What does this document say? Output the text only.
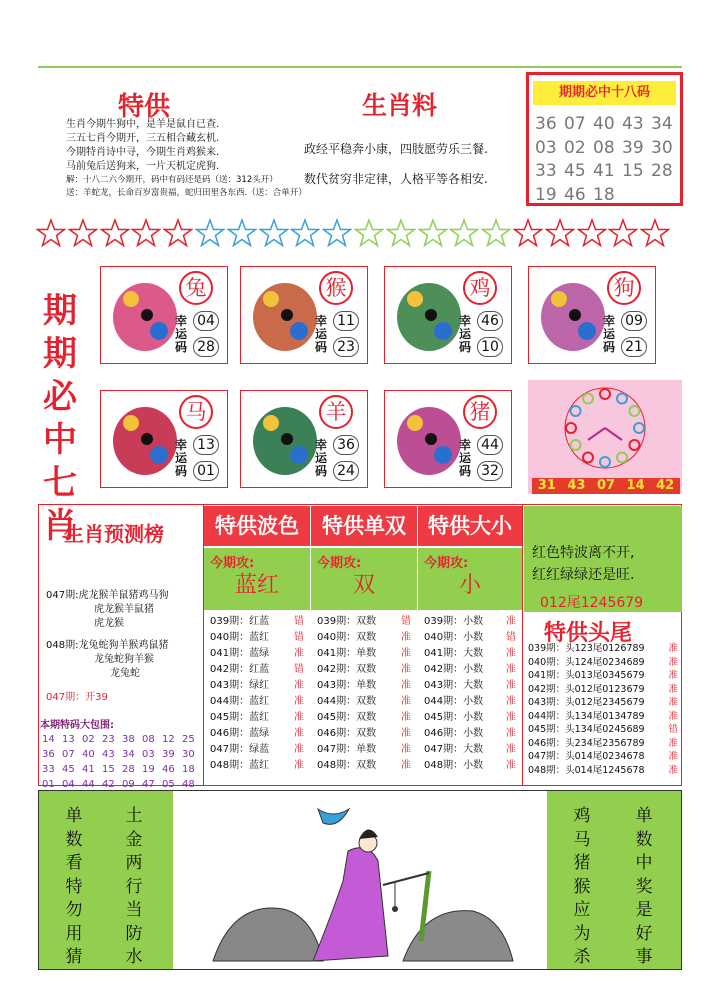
特供
生肖今期牛狗中，是羊是鼠自已查.
三五七肖今期开，三五相合藏玄机.
今期特肖诗中寻，今期生肖鸡猴来.
马前兔后送狗来，一片天机定虎狗.
解：十八二六今期开，码中有码还是码（送：312头开）
送：羊蛇龙，长命百岁富贵福，蛇归田里各东西.（送：合单开）
生肖料
政经平稳奔小康，四肢愿劳乐三餐.
数代贫穷非定律，人格平等各相安.
期期必中十八码
36 07 40 43 34
03 02 08 39 30
33 45 41 15 28
19 46 18
期
期
必
中
七
肖
兔
幸运码
04
28
猴
幸运码
11
23
鸡
幸运码
46
10
狗
幸运码
09
21
马
幸运码
13
01
羊
幸运码
36
24
猪
幸运码
44
32
31 43 07 14 42
生肖预测榜
047期:虎龙猴羊鼠猪鸡马狗
虎龙猴羊鼠猪
虎龙猴
048期:龙兔蛇狗羊猴鸡鼠猪
龙兔蛇狗羊猴
龙兔蛇
047期：开39
本期特码大包围:
14 13 02 23 38 08 12 25
36 07 40 43 34 03 39 30
33 45 41 15 28 19 46 18
01 04 44 42 09 47 05 48
特供波色
今期攻:
蓝红
039期：红蓝 错
040期：蓝红 错
041期：蓝绿 准
042期：红蓝 错
043期：绿红 准
044期：蓝红 准
045期：蓝红 准
046期：蓝绿 准
047期：绿蓝 准
048期：蓝红 准
特供单双
今期攻:
双
039期：双数 错
040期：双数 准
041期：单数 准
042期：双数 准
043期：单数 准
044期：双数 准
045期：双数 准
046期：双数 准
047期：单数 准
048期：双数 准
特供大小
今期攻:
小
039期：小数 准
040期：小数 错
041期：大数 准
042期：小数 准
043期：大数 准
044期：小数 准
045期：小数 准
046期：小数 准
047期：大数 准
048期：小数 准
红色特波离不开,
红红绿绿还是旺.
012尾1245679
特供头尾
039期：头123尾0126789	准
040期：头124尾0234689	准
041期：头013尾0345679	准
042期：头012尾0123679	准
043期：头012尾2345679	准
044期：头134尾0134789	准
045期：头134尾0245689	错
046期：头234尾2356789	准
047期：头014尾0234678	准
048期：头014尾1245678	准
单
数
看
特
勿
用
猜
土
金
两
行
当
防
水
鸡
马
猪
猴
应
为
杀
单
数
中
奖
是
好
事
